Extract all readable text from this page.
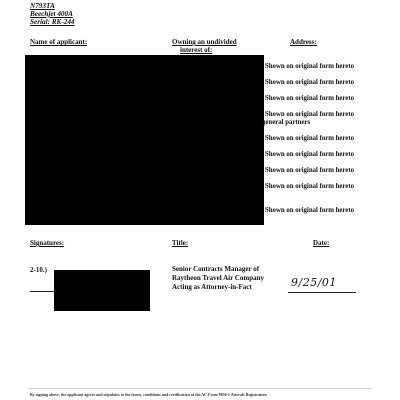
N793TA
Beechjet 400A
Serial: RK-244
Name of applicant:	Owning an undivided
interest of:
Address:
Shown on original form hereto
Shown on original form hereto
Shown on original form hereto
Shown on original form hereto
general partners
Shown on original form hereto
Shown on original form hereto
Shown on original form hereto
Shown on original form hereto
Shown on original form hereto
Signatures:	Title:	Date:
2-10.)	Senior Contracts Manager of
Raytheon Travel Air Company
Acting as Attorney-in-Fact	9/25/01
By signing above, the applicant agrees and stipulates to the terms, conditions and certification of the AC Form 8050-1 Aircraft Registration
